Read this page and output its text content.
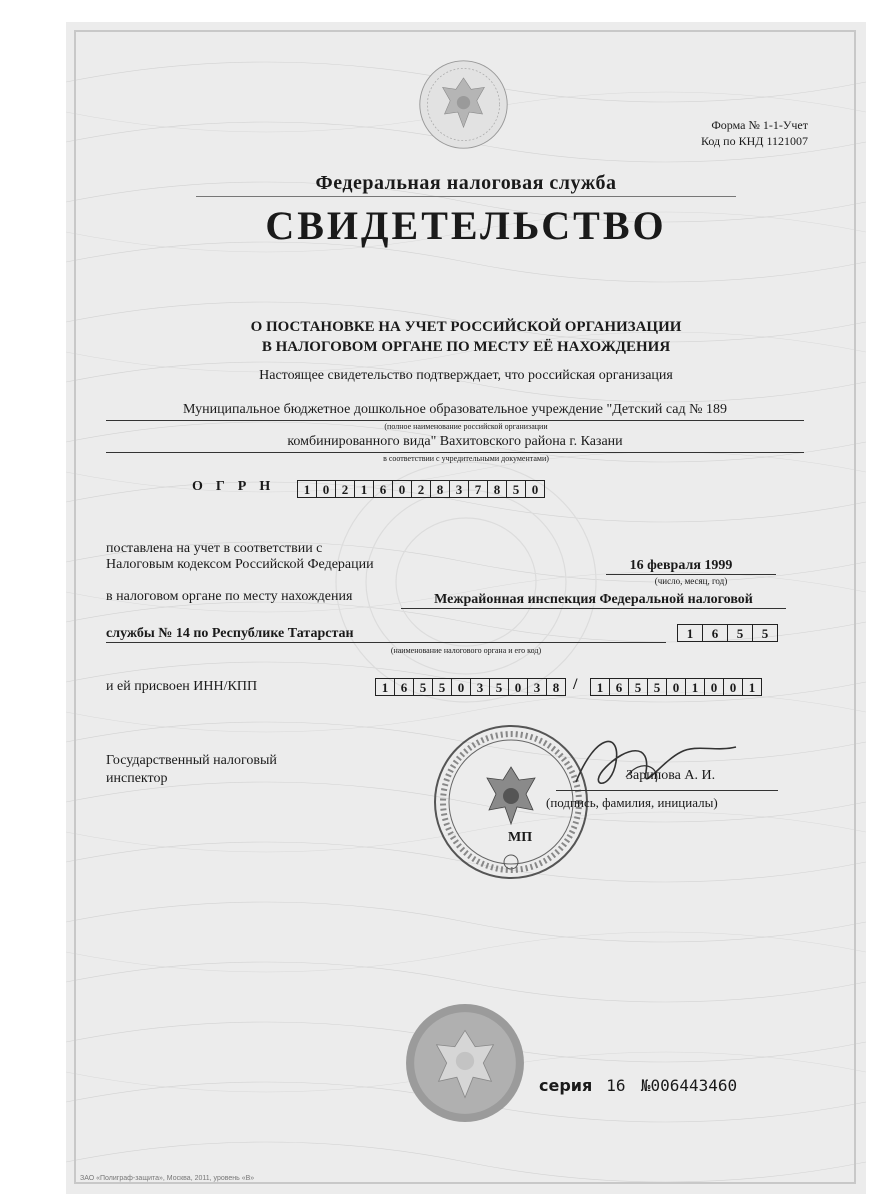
Форма № 1-1-Учет
Код по КНД 1121007
Федеральная налоговая служба
СВИДЕТЕЛЬСТВО
О ПОСТАНОВКЕ НА УЧЕТ РОССИЙСКОЙ ОРГАНИЗАЦИИ
В НАЛОГОВОМ ОРГАНЕ ПО МЕСТУ ЕЁ НАХОЖДЕНИЯ
Настоящее свидетельство подтверждает, что российская организация
Муниципальное бюджетное дошкольное образовательное учреждение "Детский сад № 189
(полное наименование российской организации
комбинированного вида" Вахитовского района г. Казани
в соответствии с учредительными документами)
ОГРН	1 0 2 1 6 0 2 8 3 7 8 5 0
поставлена на учет в соответствии с
Налоговым кодексом Российской Федерации	16 февраля 1999
(число, месяц, год)
в налоговом органе по месту нахождения	Межрайонная инспекция Федеральной налоговой
службы № 14 по Республике Татарстан	1	6	5	5
(наименование налогового органа и его код)
и ей присвоен ИНН/КПП	1 6 5 5 0 3 5 0 3 8 /	1 6 5 5 0 1 0 0 1
Государственный налоговый
инспектор
МП
Зарипова А. И.
(подпись, фамилия, инициалы)
серия 16 №006443460
ЗАО «Полиграф-защита», Москва, 2011, уровень «В»
